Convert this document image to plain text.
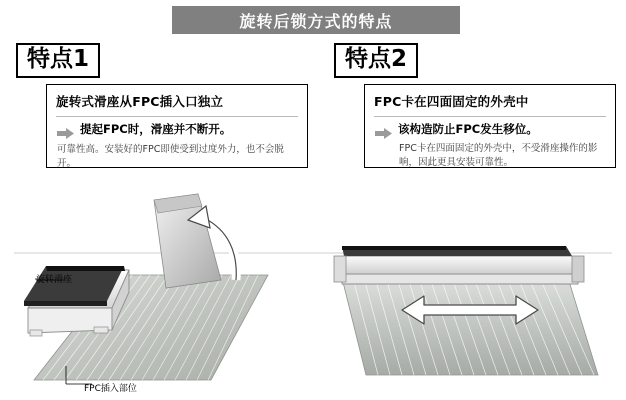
旋转后锁方式的特点
特点1	特点2
旋转式滑座从FPC插入口独立
提起FPC时，滑座并不断开。
可靠性高。安装好的FPC即使受到过度外力，也不会脱开。
FPC卡在四面固定的外壳中
该构造防止FPC发生移位。
FPC卡在四面固定的外壳中，不受滑座操作的影响，因此更具安装可靠性。
旋转滑座
FPC插入部位
